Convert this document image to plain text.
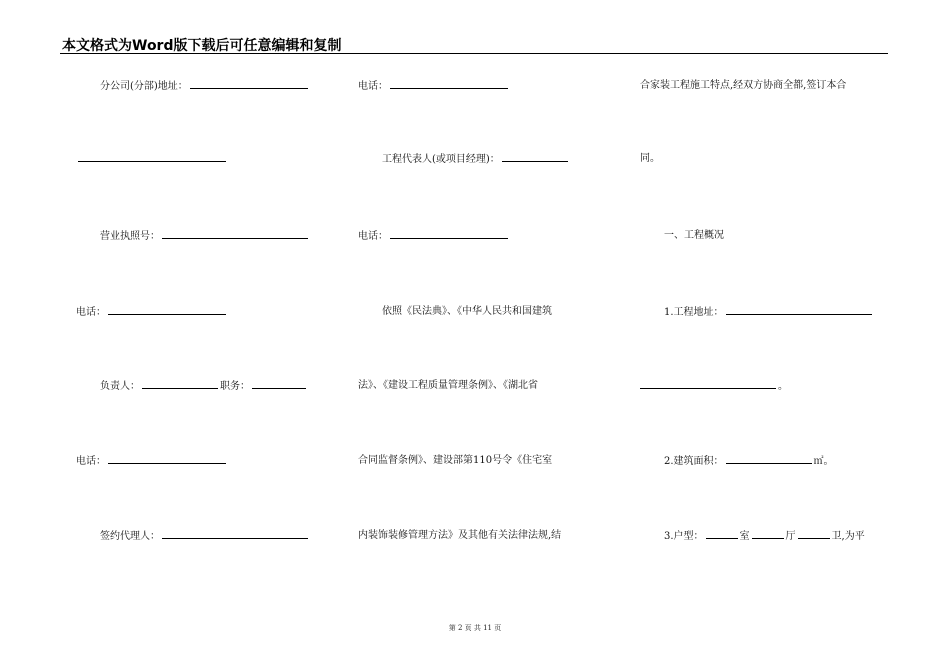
本文格式为Word版下载后可任意编辑和复制
分公司(分部)地址：
营业执照号：
电话：
负责人：	职务：
电话：
签约代理人：
电话：
工程代表人(或项目经理)：
电话：
依照《民法典》、《中华人民共和国建筑
法》、《建设工程质量管理条例》、《湖北省
合同监督条例》、建设部第110号令《住宅室
内装饰装修管理方法》及其他有关法律法规,结
合家装工程施工特点,经双方协商全都,签订本合
同。
一、工程概况
1.工程地址：
。
2.建筑面积：	㎡。
3.户型：	室	厅	卫,为平
第 2 页 共 11 页
